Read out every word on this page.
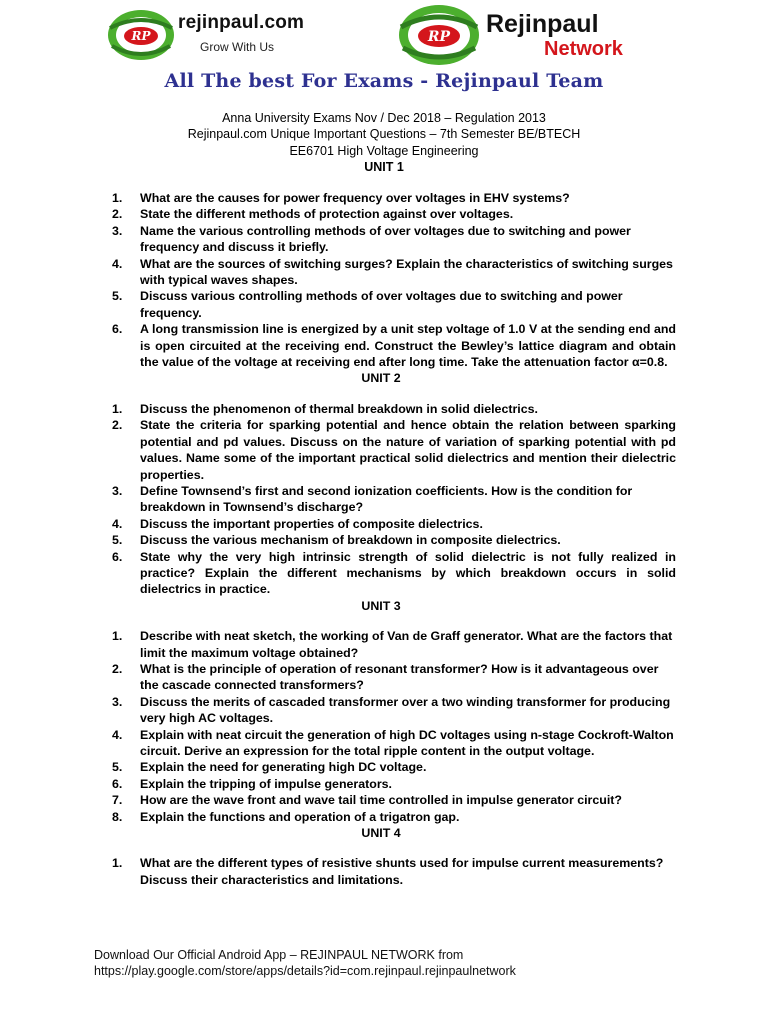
RP
rejinpaul.com
Grow With Us
RP Rejinpaul
Network
All The best For Exams - Rejinpaul Team
Anna University Exams Nov / Dec 2018 – Regulation 2013
Rejinpaul.com Unique Important Questions – 7th Semester BE/BTECH
EE6701 High Voltage Engineering
UNIT 1
1. What are the causes for power frequency over voltages in EHV systems?
2. State the different methods of protection against over voltages.
3. Name the various controlling methods of over voltages due to switching and power frequency and discuss it briefly.
4. What are the sources of switching surges? Explain the characteristics of switching surges with typical waves shapes.
5. Discuss various controlling methods of over voltages due to switching and power frequency.
6. A long transmission line is energized by a unit step voltage of 1.0 V at the sending end and is open circuited at the receiving end. Construct the Bewley’s lattice diagram and obtain the value of the voltage at receiving end after long time. Take the attenuation factor α=0.8.
UNIT 2
1. Discuss the phenomenon of thermal breakdown in solid dielectrics.
2. State the criteria for sparking potential and hence obtain the relation between sparking potential and pd values. Discuss on the nature of variation of sparking potential with pd values. Name some of the important practical solid dielectrics and mention their dielectric properties.
3. Define Townsend’s first and second ionization coefficients. How is the condition for breakdown in Townsend’s discharge?
4. Discuss the important properties of composite dielectrics.
5. Discuss the various mechanism of breakdown in composite dielectrics.
6. State why the very high intrinsic strength of solid dielectric is not fully realized in practice? Explain the different mechanisms by which breakdown occurs in solid dielectrics in practice.
UNIT 3
1. Describe with neat sketch, the working of Van de Graff generator. What are the factors that limit the maximum voltage obtained?
2. What is the principle of operation of resonant transformer? How is it advantageous over the cascade connected transformers?
3. Discuss the merits of cascaded transformer over a two winding transformer for producing very high AC voltages.
4. Explain with neat circuit the generation of high DC voltages using n-stage Cockroft-Walton circuit. Derive an expression for the total ripple content in the output voltage.
5. Explain the need for generating high DC voltage.
6. Explain the tripping of impulse generators.
7. How are the wave front and wave tail time controlled in impulse generator circuit?
8. Explain the functions and operation of a trigatron gap.
UNIT 4
1. What are the different types of resistive shunts used for impulse current measurements? Discuss their characteristics and limitations.
Download Our Official Android App – REJINPAUL NETWORK from
https://play.google.com/store/apps/details?id=com.rejinpaul.rejinpaulnetwork
